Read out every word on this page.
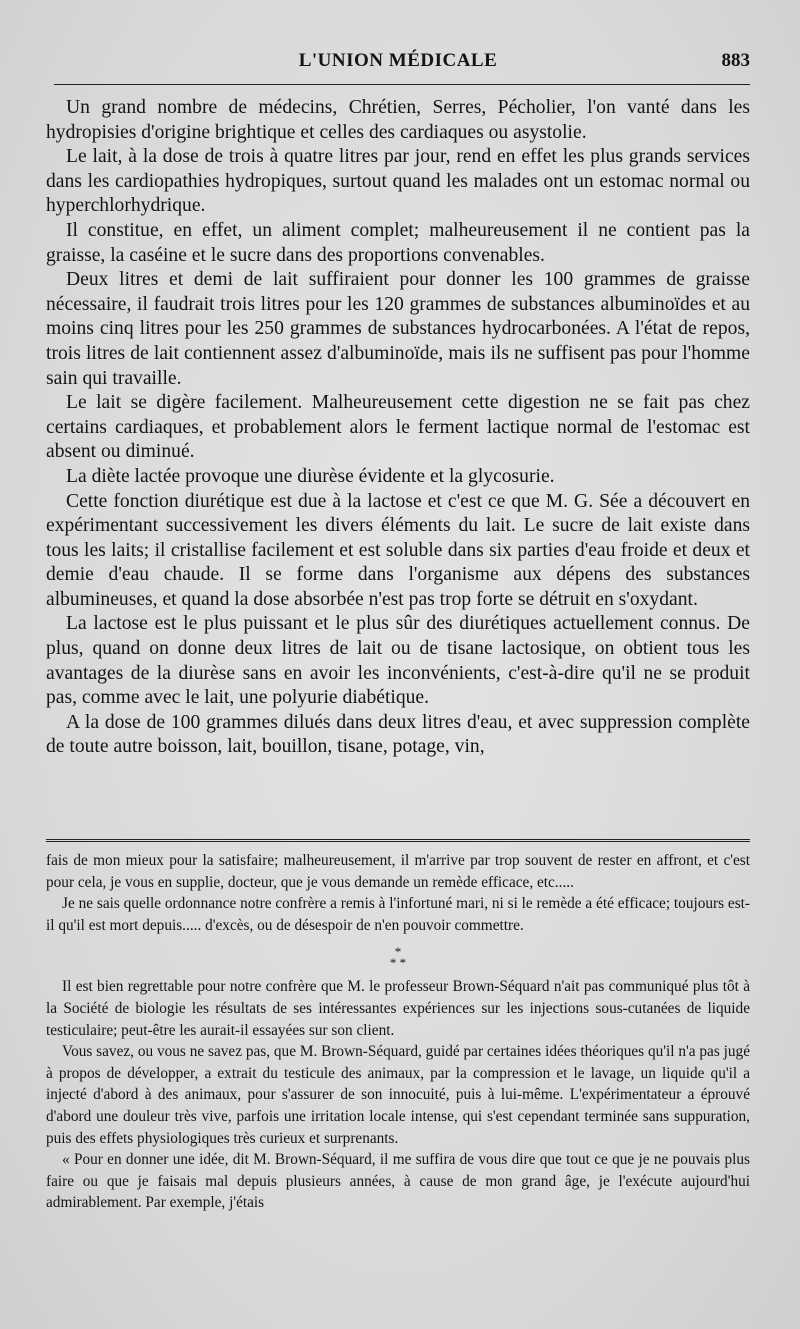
L'UNION MÉDICALE	883

Un grand nombre de médecins, Chrétien, Serres, Pécholier, l'on vanté dans les hydropisies d'origine brightique et celles des cardiaques ou asystolie.

Le lait, à la dose de trois à quatre litres par jour, rend en effet les plus grands services dans les cardiopathies hydropiques, surtout quand les malades ont un estomac normal ou hyperchlorhydrique.

Il constitue, en effet, un aliment complet; malheureusement il ne contient pas la graisse, la caséine et le sucre dans des proportions convenables.

Deux litres et demi de lait suffiraient pour donner les 100 grammes de graisse nécessaire, il faudrait trois litres pour les 120 grammes de substances albuminoïdes et au moins cinq litres pour les 250 grammes de substances hydrocarbonées. A l'état de repos, trois litres de lait contiennent assez d'albuminoïde, mais ils ne suffisent pas pour l'homme sain qui travaille.

Le lait se digère facilement. Malheureusement cette digestion ne se fait pas chez certains cardiaques, et probablement alors le ferment lactique normal de l'estomac est absent ou diminué.

La diète lactée provoque une diurèse évidente et la glycosurie.

Cette fonction diurétique est due à la lactose et c'est ce que M. G. Sée a découvert en expérimentant successivement les divers éléments du lait. Le sucre de lait existe dans tous les laits; il cristallise facilement et est soluble dans six parties d'eau froide et deux et demie d'eau chaude. Il se forme dans l'organisme aux dépens des substances albumineuses, et quand la dose absorbée n'est pas trop forte se détruit en s'oxydant.

La lactose est le plus puissant et le plus sûr des diurétiques actuellement connus. De plus, quand on donne deux litres de lait ou de tisane lactosique, on obtient tous les avantages de la diurèse sans en avoir les inconvénients, c'est-à-dire qu'il ne se produit pas, comme avec le lait, une polyurie diabétique.

A la dose de 100 grammes dilués dans deux litres d'eau, et avec suppression complète de toute autre boisson, lait, bouillon, tisane, potage, vin,

fais de mon mieux pour la satisfaire; malheureusement, il m'arrive par trop souvent de rester en affront, et c'est pour cela, je vous en supplie, docteur, que je vous demande un remède efficace, etc.....

Je ne sais quelle ordonnance notre confrère a remis à l'infortuné mari, ni si le remède a été efficace; toujours est-il qu'il est mort depuis..... d'excès, ou de désespoir de n'en pouvoir commettre.

*
* *

Il est bien regrettable pour notre confrère que M. le professeur Brown-Séquard n'ait pas communiqué plus tôt à la Société de biologie les résultats de ses intéressantes expériences sur les injections sous-cutanées de liquide testiculaire; peut-être les aurait-il essayées sur son client.

Vous savez, ou vous ne savez pas, que M. Brown-Séquard, guidé par certaines idées théoriques qu'il n'a pas jugé à propos de développer, a extrait du testicule des animaux, par la compression et le lavage, un liquide qu'il a injecté d'abord à des animaux, pour s'assurer de son innocuité, puis à lui-même. L'expérimentateur a éprouvé d'abord une douleur très vive, parfois une irritation locale intense, qui s'est cependant terminée sans suppuration, puis des effets physiologiques très curieux et surprenants.

« Pour en donner une idée, dit M. Brown-Séquard, il me suffira de vous dire que tout ce que je ne pouvais plus faire ou que je faisais mal depuis plusieurs années, à cause de mon grand âge, je l'exécute aujourd'hui admirablement. Par exemple, j'étais
